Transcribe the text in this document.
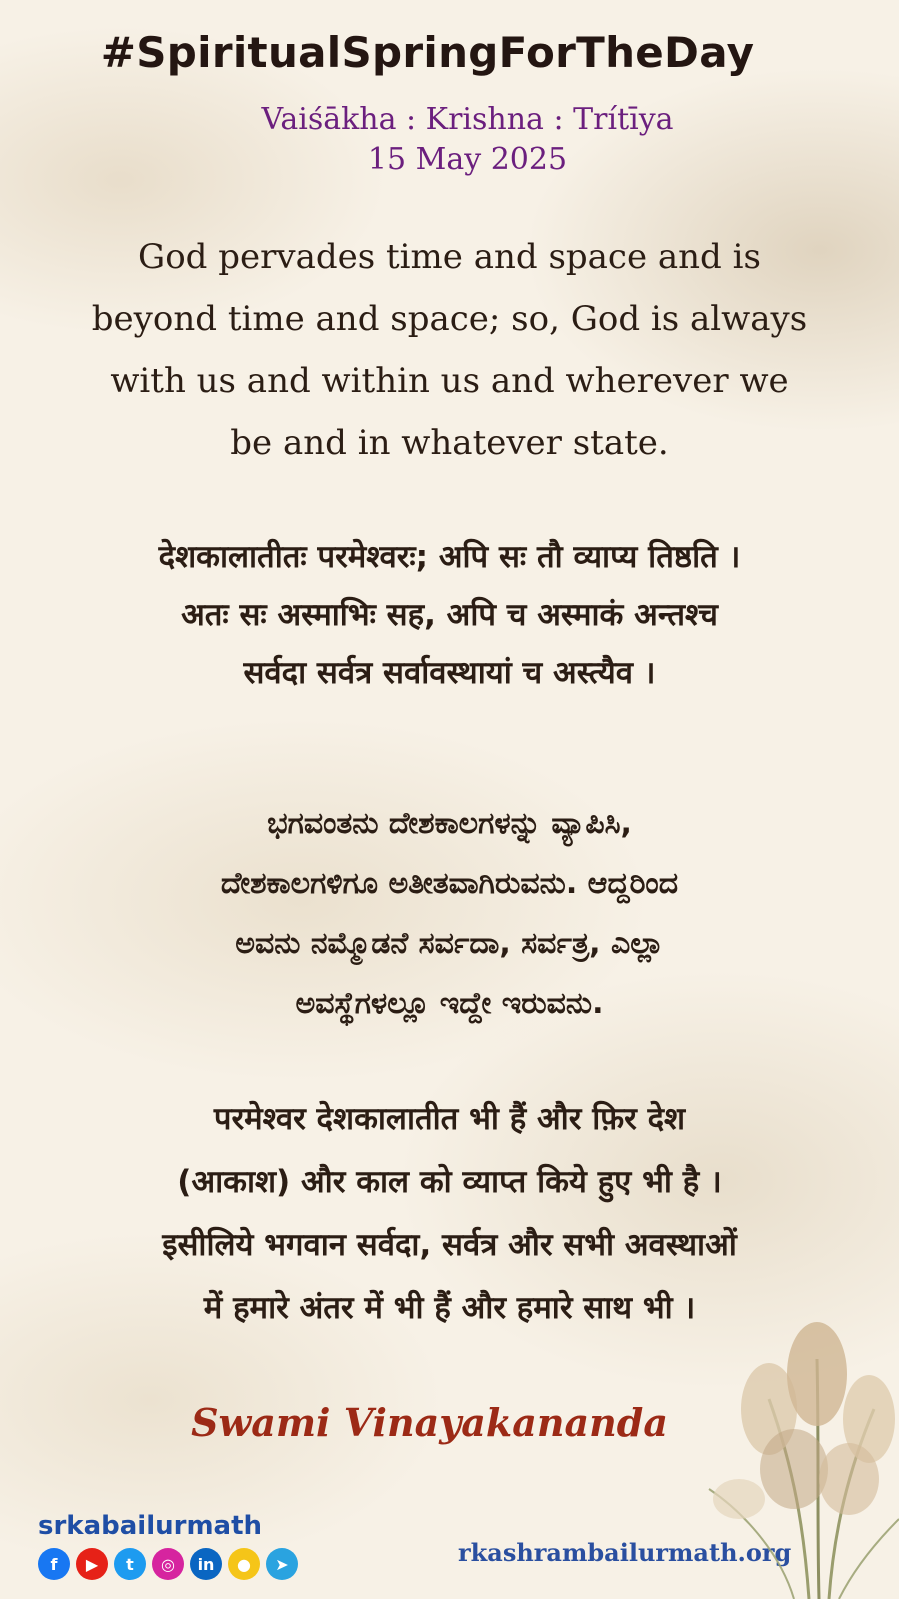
#SpiritualSpringForTheDay
Vaiśākha : Krishna : Trítīya
15 May 2025
God pervades time and space and is
beyond time and space; so, God is always
with us and within us and wherever we
be and in whatever state.
देशकालातीतः परमेश्वरः; अपि सः तौ व्याप्य तिष्ठति ।
अतः सः अस्माभिः सह, अपि च अस्माकं अन्तश्च
सर्वदा सर्वत्र सर्वावस्थायां च अस्त्यैव ।
ಭಗವಂತನು ದೇಶಕಾಲಗಳನ್ನು ವ್ಯಾಪಿಸಿ,
ದೇಶಕಾಲಗಳಿಗೂ ಅತೀತವಾಗಿರುವನು. ಆದ್ದರಿಂದ
ಅವನು ನಮ್ಮೊಡನೆ ಸರ್ವದಾ, ಸರ್ವತ್ರ, ಎಲ್ಲಾ
ಅವಸ್ಥೆಗಳಲ್ಲೂ ಇದ್ದೇ ಇರುವನು.
परमेश्वर देशकालातीत भी हैं और फ़िर देश
(आकाश) और काल को व्याप्त किये हुए भी है ।
इसीलिये भगवान सर्वदा, सर्वत्र और सभी अवस्थाओं
में हमारे अंतर में भी हैं और हमारे साथ भी ।
Swami Vinayakananda
srkabailurmath
f	▶	t	◎	in	●	➤	rkashrambailurmath.org
